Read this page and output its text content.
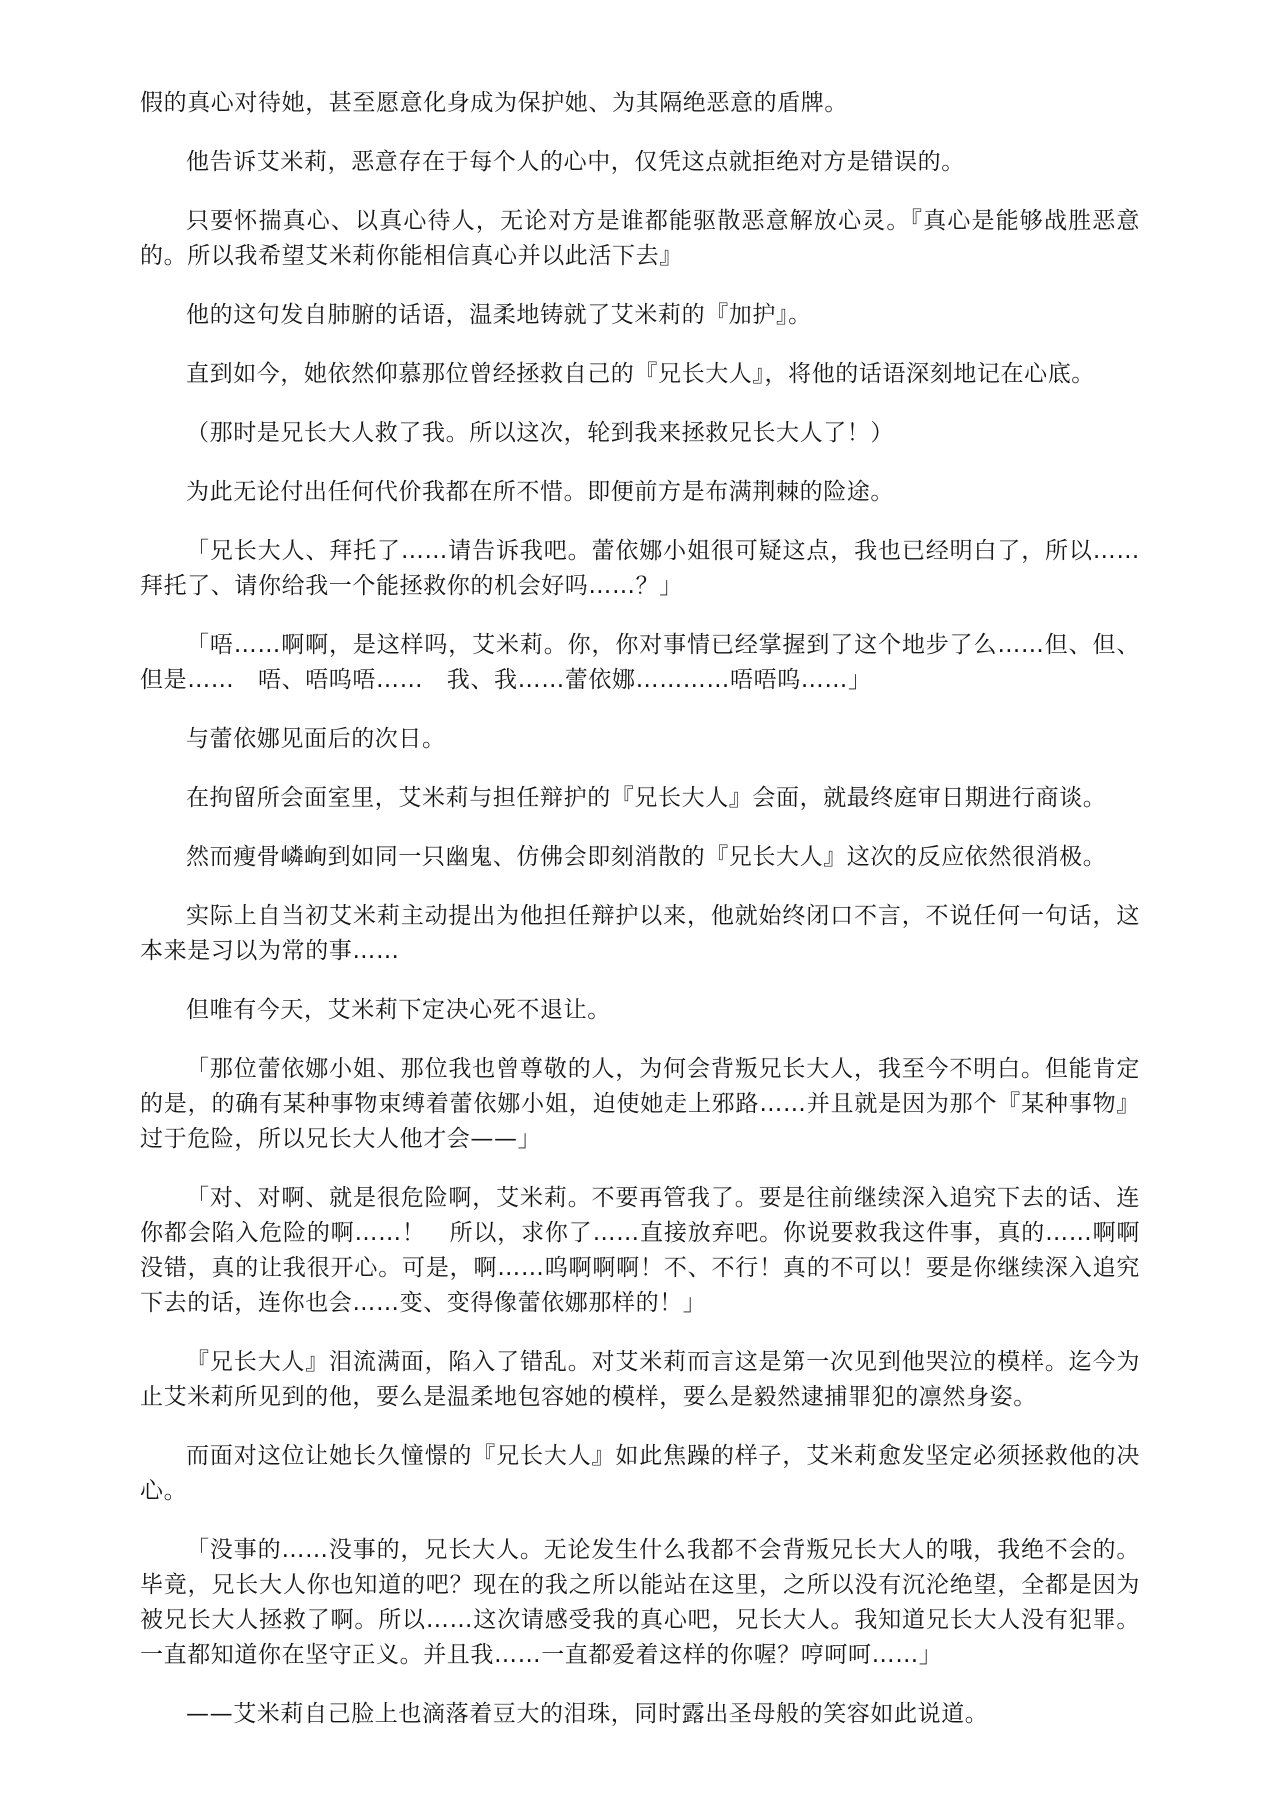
假的真心对待她，甚至愿意化身成为保护她、为其隔绝恶意的盾牌。

他告诉艾米莉，恶意存在于每个人的心中，仅凭这点就拒绝对方是错误的。

只要怀揣真心、以真心待人，无论对方是谁都能驱散恶意解放心灵。『真心是能够战胜恶意的。所以我希望艾米莉你能相信真心并以此活下去』

他的这句发自肺腑的话语，温柔地铸就了艾米莉的『加护』。

直到如今，她依然仰慕那位曾经拯救自己的『兄长大人』，将他的话语深刻地记在心底。

（那时是兄长大人救了我。所以这次，轮到我来拯救兄长大人了！）

为此无论付出任何代价我都在所不惜。即便前方是布满荆棘的险途。

「兄长大人、拜托了……请告诉我吧。蕾依娜小姐很可疑这点，我也已经明白了，所以……拜托了、请你给我一个能拯救你的机会好吗……？」

「唔……啊啊，是这样吗，艾米莉。你，你对事情已经掌握到了这个地步了么……但、但、但是……　唔、唔呜唔……　我、我……蕾依娜…………唔唔呜……」

与蕾依娜见面后的次日。

在拘留所会面室里，艾米莉与担任辩护的『兄长大人』会面，就最终庭审日期进行商谈。

然而瘦骨嶙峋到如同一只幽鬼、仿佛会即刻消散的『兄长大人』这次的反应依然很消极。

实际上自当初艾米莉主动提出为他担任辩护以来，他就始终闭口不言，不说任何一句话，这本来是习以为常的事……

但唯有今天，艾米莉下定决心死不退让。

「那位蕾依娜小姐、那位我也曾尊敬的人，为何会背叛兄长大人，我至今不明白。但能肯定的是，的确有某种事物束缚着蕾依娜小姐，迫使她走上邪路……并且就是因为那个『某种事物』过于危险，所以兄长大人他才会——」

「对、对啊、就是很危险啊，艾米莉。不要再管我了。要是往前继续深入追究下去的话、连你都会陷入危险的啊……！　所以，求你了……直接放弃吧。你说要救我这件事，真的……啊啊没错，真的让我很开心。可是，啊……呜啊啊啊！不、不行！真的不可以！要是你继续深入追究下去的话，连你也会……变、变得像蕾依娜那样的！」

『兄长大人』泪流满面，陷入了错乱。对艾米莉而言这是第一次见到他哭泣的模样。迄今为止艾米莉所见到的他，要么是温柔地包容她的模样，要么是毅然逮捕罪犯的凛然身姿。

而面对这位让她长久憧憬的『兄长大人』如此焦躁的样子，艾米莉愈发坚定必须拯救他的决心。

「没事的……没事的，兄长大人。无论发生什么我都不会背叛兄长大人的哦，我绝不会的。毕竟，兄长大人你也知道的吧？现在的我之所以能站在这里，之所以没有沉沦绝望，全都是因为被兄长大人拯救了啊。所以……这次请感受我的真心吧，兄长大人。我知道兄长大人没有犯罪。一直都知道你在坚守正义。并且我……一直都爱着这样的你喔？哼呵呵……」

——艾米莉自己脸上也滴落着豆大的泪珠，同时露出圣母般的笑容如此说道。
